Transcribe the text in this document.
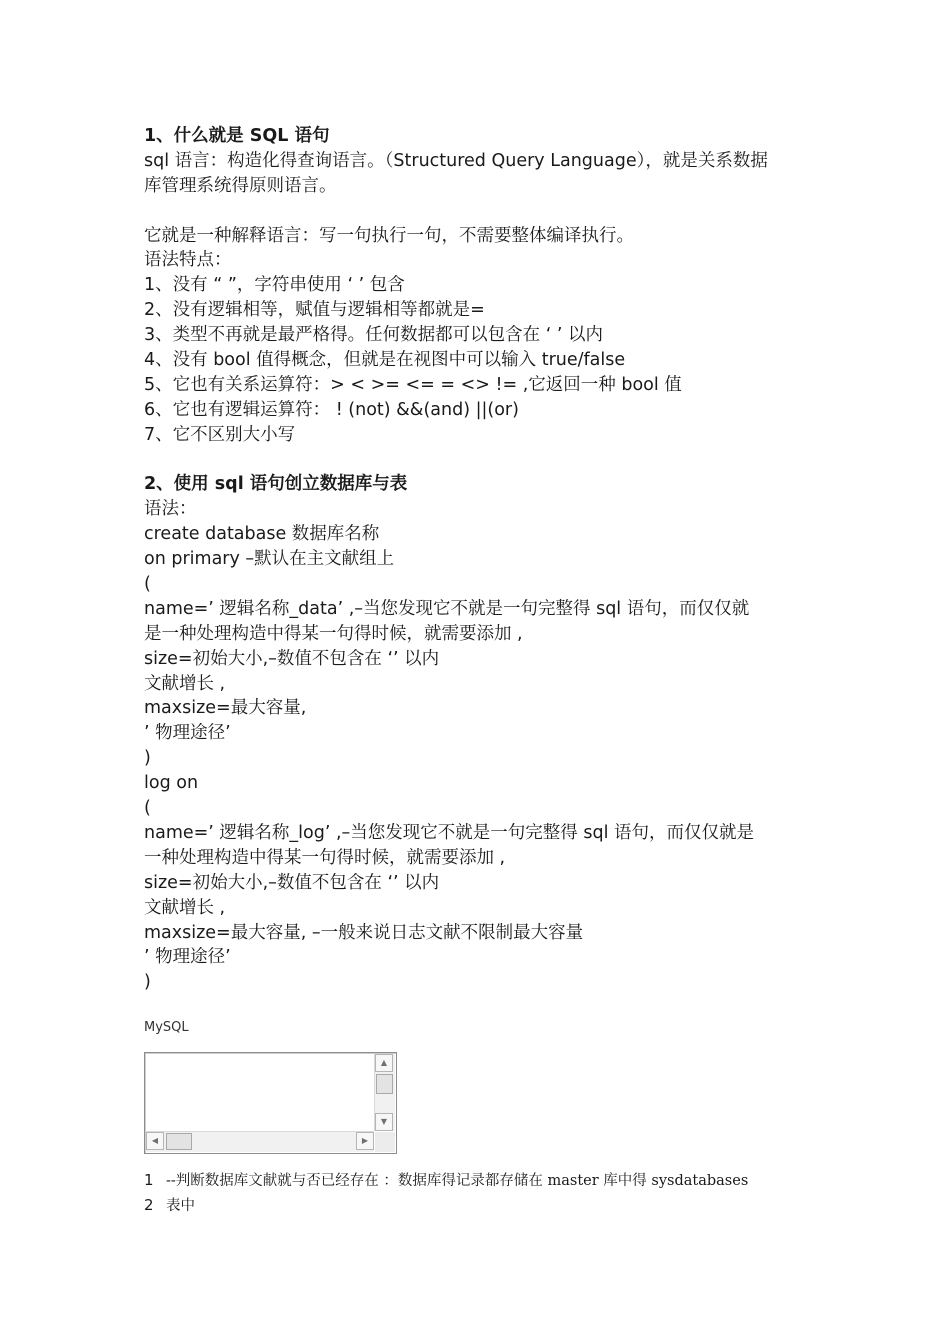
1、什么就是 SQL 语句
sql 语言：构造化得查询语言。（Structured Query Language），就是关系数据
库管理系统得原则语言。
它就是一种解释语言：写一句执行一句，不需要整体编译执行。
语法特点：
1、没有 “ ”，字符串使用 ‘ ’ 包含
2、没有逻辑相等，赋值与逻辑相等都就是=
3、类型不再就是最严格得。任何数据都可以包含在 ‘ ’ 以内
4、没有 bool 值得概念，但就是在视图中可以输入 true/false
5、它也有关系运算符：> < >= <= = <> != ,它返回一种 bool 值
6、它也有逻辑运算符： ! (not) &&(and) ||(or)
7、它不区别大小写
2、使用 sql 语句创立数据库与表
语法：
create database 数据库名称
on primary –默认在主文献组上
(
name=’ 逻辑名称_data’ ,–当您发现它不就是一句完整得 sql 语句，而仅仅就
是一种处理构造中得某一句得时候，就需要添加 ,
size=初始大小,–数值不包含在 ‘’ 以内
文献增长 ,
maxsize=最大容量,
’ 物理途径’
)
log on
(
name=’ 逻辑名称_log’ ,–当您发现它不就是一句完整得 sql 语句，而仅仅就是
一种处理构造中得某一句得时候，就需要添加 ,
size=初始大小,–数值不包含在 ‘’ 以内
文献增长 ,
maxsize=最大容量, –一般来说日志文献不限制最大容量
’ 物理途径’
)
MySQL
▲
▼
◀	▶
1 --判断数据库文献就与否已经存在 ：数据库得记录都存储在 master 库中得 sysdatabases
2 表中
